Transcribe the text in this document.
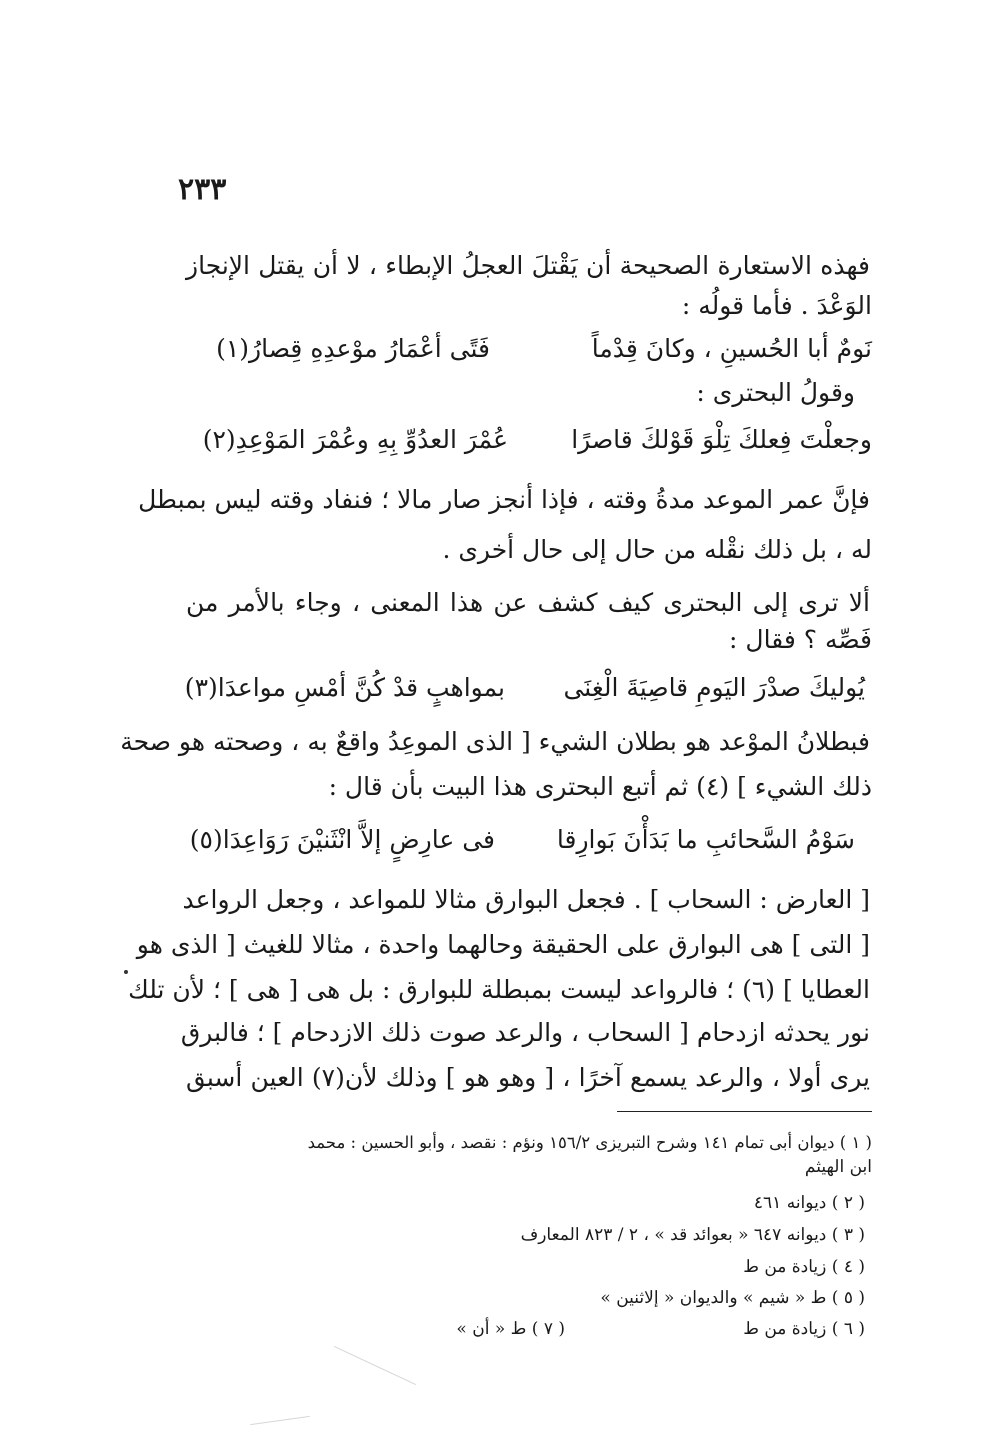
٢٣٣
فهذه الاستعارة الصحيحة أن يَقْتلَ العجلُ الإبطاء ، لا أن يقتل الإنجاز
الوَعْدَ . فأما قولُه :
نَومٌ أبا الحُسينِ ، وكانَ قِدْماً
فَتًى أعْمَارُ موْعدِهِ قِصارُ(١)
وقولُ البحترى :
وجعلْتَ فِعلكَ تِلْوَ قَوْلكَ قاصرًا
عُمْرَ العدُوِّ بِهِ وعُمْرَ المَوْعِدِ(٢)
فإنَّ عمر الموعد مدةُ وقته ، فإذا أنجز صار مالا ؛ فنفاد وقته ليس بمبطل
له ، بل ذلك نقْله من حال إلى حال أخرى .
ألا ترى إلى البحترى كيف كشف عن هذا المعنى ، وجاء بالأمر من
فَصِّه ؟ فقال :
يُوليكَ صدْرَ اليَومِ قاصِيَةَ الْغِنَى
بمواهبٍ قدْ كُنَّ أمْسِ مواعدَا(٣)
فبطلانُ الموْعد هو بطلان الشيء [ الذى الموعِدُ واقعٌ به ، وصحته هو صحة
ذلك الشيء ] (٤) ثم أتبع البحترى هذا البيت بأن قال :
سَوْمُ السَّحائبِ ما بَدَأْنَ بَوارِقا
فى عارِضٍ إلاَّ انْثَنيْنَ رَوَاعِدَا(٥)
[ العارض : السحاب ] . فجعل البوارق مثالا للمواعد ، وجعل الرواعد
[ التى ] هى البوارق على الحقيقة وحالهما واحدة ، مثالا للغيث [ الذى هو
العطايا ] (٦) ؛ فالرواعد ليست بمبطلة للبوارق : بل هى [ هى ] ؛ لأن تلك
نور يحدثه ازدحام [ السحاب ، والرعد صوت ذلك الازدحام ] ؛ فالبرق
يرى أولا ، والرعد يسمع آخرًا ، [ وهو هو ] وذلك لأن(٧) العين أسبق
( ١ ) ديوان أبى تمام ١٤١ وشرح التبريزى ١٥٦/٢ ونؤم : نقصد ، وأبو الحسين : محمد
ابن الهيثم
( ٢ ) ديوانه ٤٦١
( ٣ ) ديوانه ٦٤٧ « بعوائد قد » ، ٢ / ٨٢٣ المعارف
( ٤ ) زيادة من ط
( ٥ ) ط « شيم » والديوان « إلاثنين »
( ٦ ) زيادة من ط
( ٧ ) ط « أن »
